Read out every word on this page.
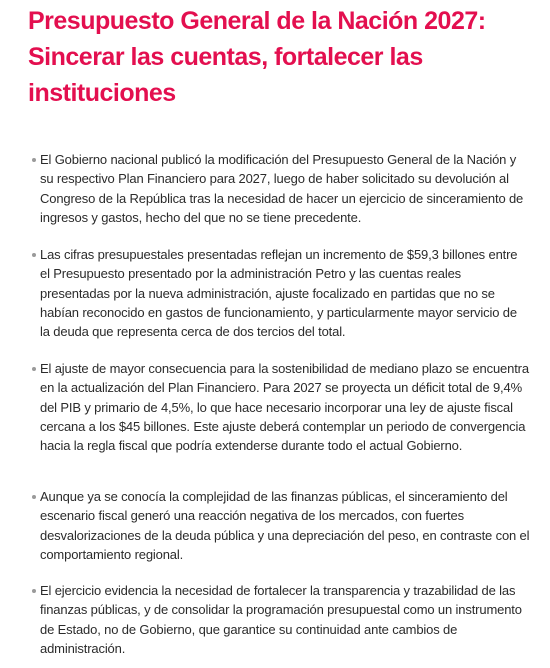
Presupuesto General de la Nación 2027: Sincerar las cuentas, fortalecer las instituciones
El Gobierno nacional publicó la modificación del Presupuesto General de la Nación y su respectivo Plan Financiero para 2027, luego de haber solicitado su devolución al Congreso de la República tras la necesidad de hacer un ejercicio de sinceramiento de ingresos y gastos, hecho del que no se tiene precedente.
Las cifras presupuestales presentadas reflejan un incremento de $59,3 billones entre el Presupuesto presentado por la administración Petro y las cuentas reales presentadas por la nueva administración, ajuste focalizado en partidas que no se habían reconocido en gastos de funcionamiento, y particularmente mayor servicio de la deuda que representa cerca de dos tercios del total.
El ajuste de mayor consecuencia para la sostenibilidad de mediano plazo se encuentra en la actualización del Plan Financiero. Para 2027 se proyecta un déficit total de 9,4% del PIB y primario de 4,5%, lo que hace necesario incorporar una ley de ajuste fiscal cercana a los $45 billones. Este ajuste deberá contemplar un periodo de convergencia hacia la regla fiscal que podría extenderse durante todo el actual Gobierno.
Aunque ya se conocía la complejidad de las finanzas públicas, el sinceramiento del escenario fiscal generó una reacción negativa de los mercados, con fuertes desvalorizaciones de la deuda pública y una depreciación del peso, en contraste con el comportamiento regional.
El ejercicio evidencia la necesidad de fortalecer la transparencia y trazabilidad de las finanzas públicas, y de consolidar la programación presupuestal como un instrumento de Estado, no de Gobierno, que garantice su continuidad ante cambios de administración.
